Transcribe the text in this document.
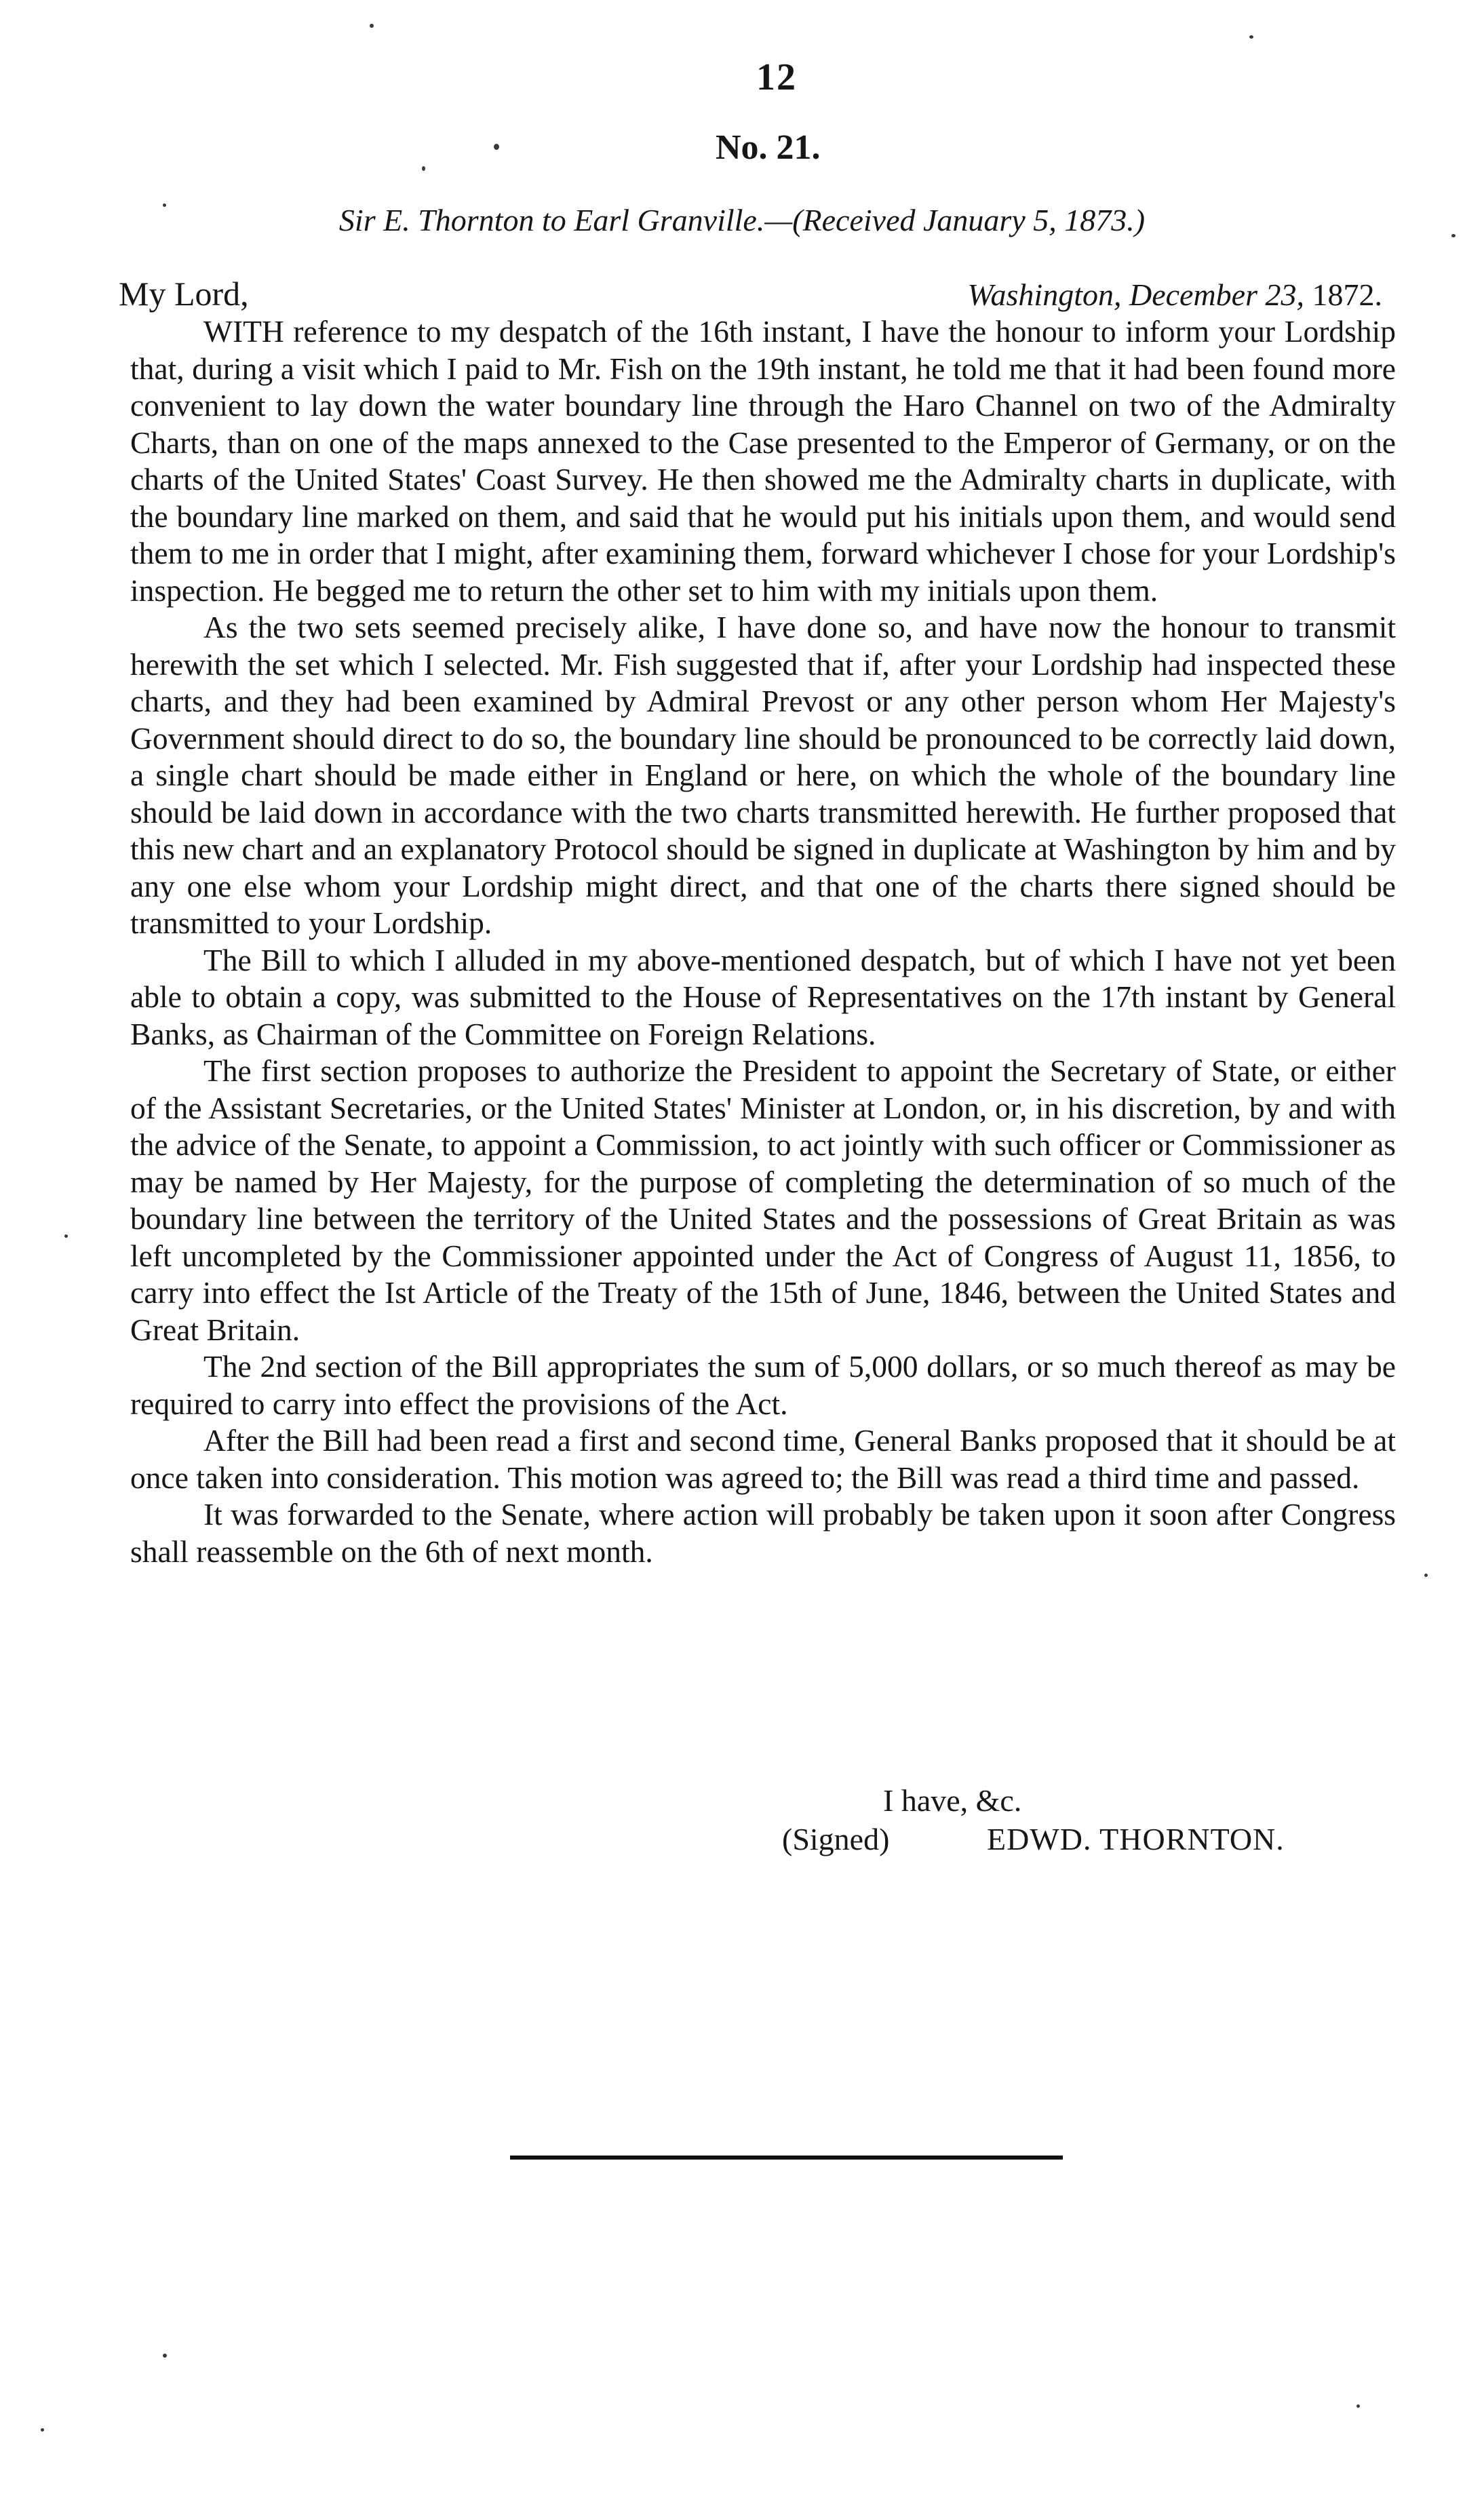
12
No. 21.
Sir E. Thornton to Earl Granville.—(Received January 5, 1873.)
My Lord,	Washington, December 23, 1872.

WITH reference to my despatch of the 16th instant, I have the honour to inform your Lordship that, during a visit which I paid to Mr. Fish on the 19th instant, he told me that it had been found more convenient to lay down the water boundary line through the Haro Channel on two of the Admiralty Charts, than on one of the maps annexed to the Case presented to the Emperor of Germany, or on the charts of the United States' Coast Survey. He then showed me the Admiralty charts in duplicate, with the boundary line marked on them, and said that he would put his initials upon them, and would send them to me in order that I might, after examining them, forward whichever I chose for your Lordship's inspection. He begged me to return the other set to him with my initials upon them.

As the two sets seemed precisely alike, I have done so, and have now the honour to transmit herewith the set which I selected. Mr. Fish suggested that if, after your Lordship had inspected these charts, and they had been examined by Admiral Prevost or any other person whom Her Majesty's Government should direct to do so, the boundary line should be pronounced to be correctly laid down, a single chart should be made either in England or here, on which the whole of the boundary line should be laid down in accordance with the two charts transmitted herewith. He further proposed that this new chart and an explanatory Protocol should be signed in duplicate at Washington by him and by any one else whom your Lordship might direct, and that one of the charts there signed should be transmitted to your Lordship.

The Bill to which I alluded in my above-mentioned despatch, but of which I have not yet been able to obtain a copy, was submitted to the House of Representatives on the 17th instant by General Banks, as Chairman of the Committee on Foreign Relations.

The first section proposes to authorize the President to appoint the Secretary of State, or either of the Assistant Secretaries, or the United States' Minister at London, or, in his discretion, by and with the advice of the Senate, to appoint a Commission, to act jointly with such officer or Commissioner as may be named by Her Majesty, for the purpose of completing the determination of so much of the boundary line between the territory of the United States and the possessions of Great Britain as was left uncompleted by the Commissioner appointed under the Act of Congress of August 11, 1856, to carry into effect the Ist Article of the Treaty of the 15th of June, 1846, between the United States and Great Britain.

The 2nd section of the Bill appropriates the sum of 5,000 dollars, or so much thereof as may be required to carry into effect the provisions of the Act.

After the Bill had been read a first and second time, General Banks proposed that it should be at once taken into consideration. This motion was agreed to; the Bill was read a third time and passed.

It was forwarded to the Senate, where action will probably be taken upon it soon after Congress shall reassemble on the 6th of next month.

I have, &c.
(Signed)	EDWD. THORNTON.
